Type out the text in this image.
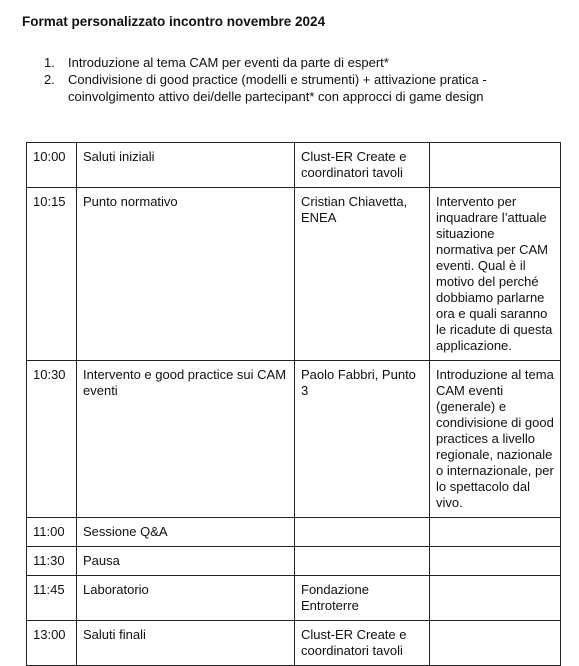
Format personalizzato incontro novembre 2024
1. Introduzione al tema CAM per eventi da parte di espert*
2. Condivisione di good practice (modelli e strumenti) + attivazione pratica - coinvolgimento attivo dei/delle partecipant* con approcci di game design
10:00	Saluti iniziali	Clust-ER Create e coordinatori tavoli	
10:15	Punto normativo	Cristian Chiavetta, ENEA	Intervento per inquadrare l’attuale situazione normativa per CAM eventi. Qual è il motivo del perché dobbiamo parlarne ora e quali saranno le ricadute di questa applicazione.
10:30	Intervento e good practice sui CAM eventi	Paolo Fabbri, Punto 3	Introduzione al tema CAM eventi (generale) e condivisione di good practices a livello regionale, nazionale o internazionale, per lo spettacolo dal vivo.
11:00	Sessione Q&A		
11:30	Pausa		
11:45	Laboratorio	Fondazione Entroterre	
13:00	Saluti finali	Clust-ER Create e coordinatori tavoli	
